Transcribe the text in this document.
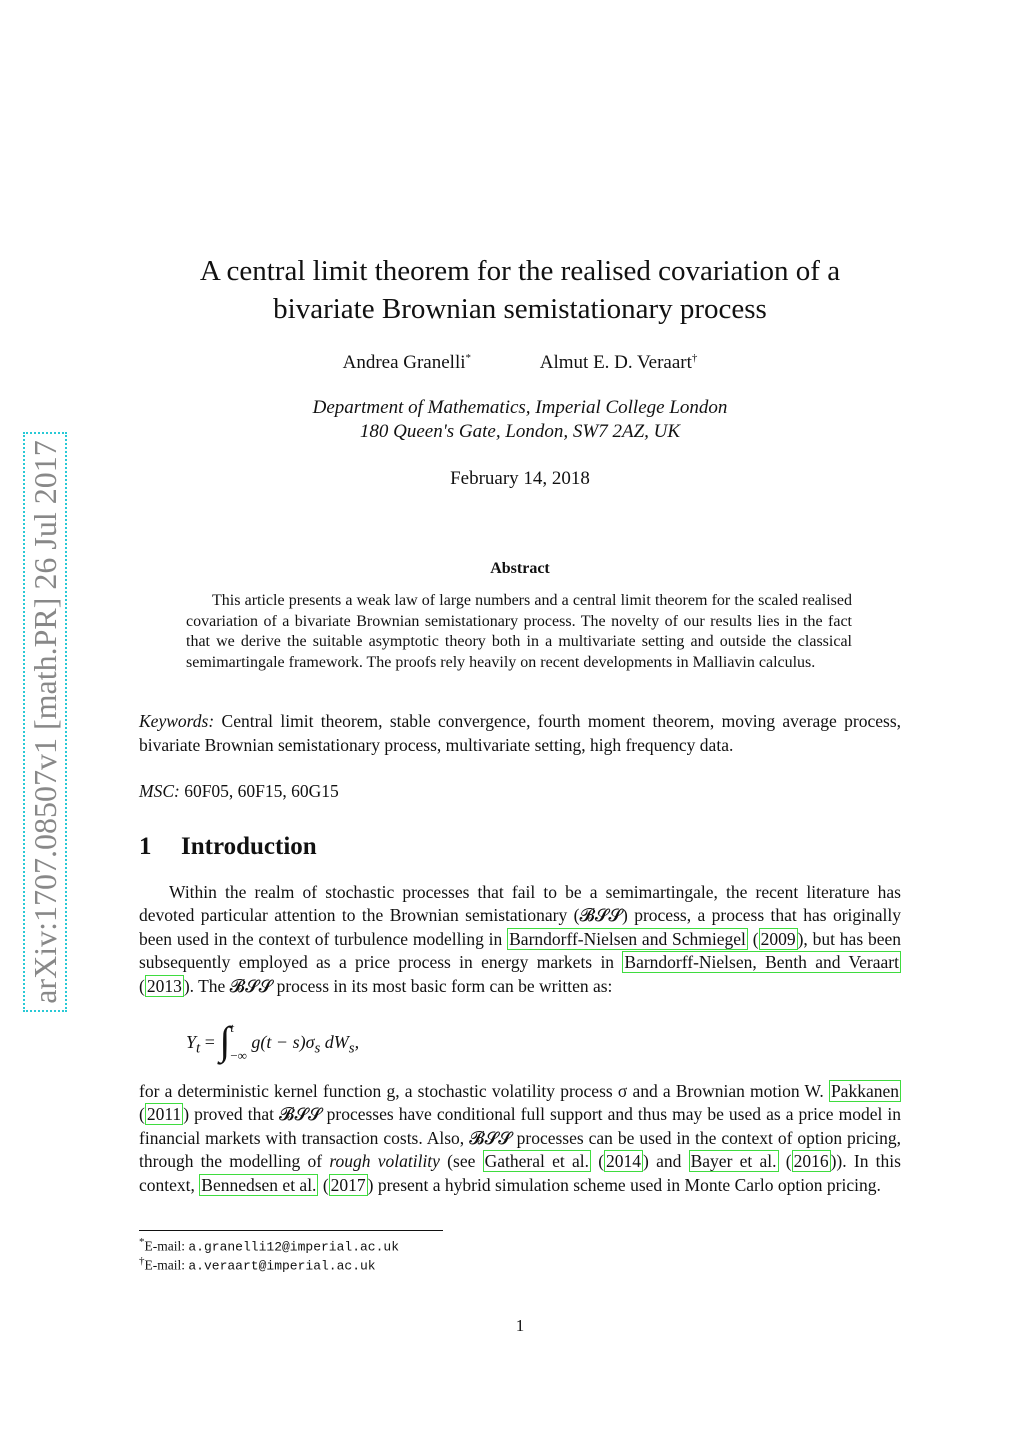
arXiv:1707.08507v1 [math.PR] 26 Jul 2017
A central limit theorem for the realised covariation of a
bivariate Brownian semistationary process
Andrea Granelli*	Almut E. D. Veraart†
Department of Mathematics, Imperial College London
180 Queen's Gate, London, SW7 2AZ, UK
February 14, 2018
Abstract
This article presents a weak law of large numbers and a central limit theorem for the scaled realised covariation of a bivariate Brownian semistationary process. The novelty of our results lies in the fact that we derive the suitable asymptotic theory both in a multivariate setting and outside the classical semimartingale framework. The proofs rely heavily on recent developments in Malliavin calculus.
Keywords: Central limit theorem, stable convergence, fourth moment theorem, moving average process, bivariate Brownian semistationary process, multivariate setting, high frequency data.
MSC: 60F05, 60F15, 60G15
1 Introduction
Within the realm of stochastic processes that fail to be a semimartingale, the recent literature has devoted particular attention to the Brownian semistationary (𝓑𝓢𝓢) process, a process that has originally been used in the context of turbulence modelling in Barndorff-Nielsen and Schmiegel ( 2009 ), but has been subsequently employed as a price process in energy markets in Barndorff-Nielsen, Benth and Veraart ( 2013 ). The 𝓑𝓢𝓢 process in its most basic form can be written as:
$Y_t$ = ∫ t
−∞
$g(t - s)\sigma_s$ $dW_s$,
for a deterministic kernel function g, a stochastic volatility process σ and a Brownian motion W. Pakkanen ( 2011 ) proved that 𝓑𝓢𝓢 processes have conditional full support and thus may be used as a price model in financial markets with transaction costs. Also, 𝓑𝓢𝓢 processes can be used in the context of option pricing, through the modelling of rough volatility (see Gatheral et al. ( 2014 ) and Bayer et al. ( 2016 )). In this context, Bennedsen et al. ( 2017 ) present a hybrid simulation scheme used in Monte Carlo option pricing.
*E-mail: a.granelli12@imperial.ac.uk
†E-mail: a.veraart@imperial.ac.uk
1
